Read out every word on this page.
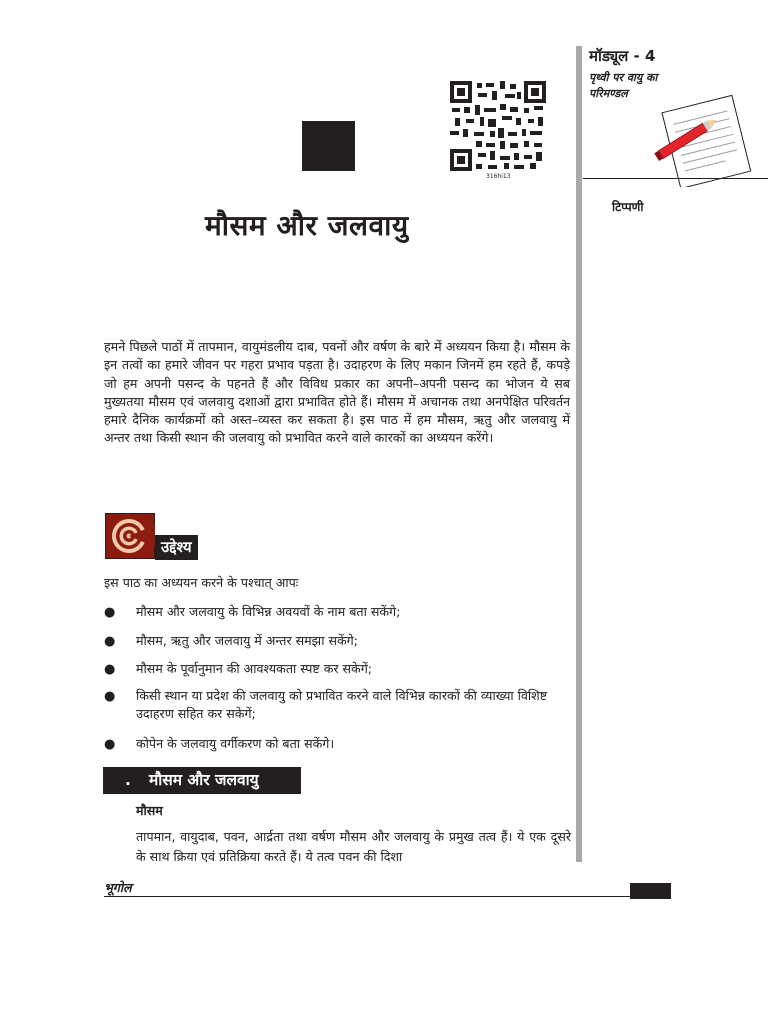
316hi13
मॉड्यूल - 4
पृथ्वी पर वायु का परिमण्डल
टिप्पणी
मौसम और जलवायु
हमने पिछले पाठों में तापमान, वायुमंडलीय दाब, पवनों और वर्षण के बारे में अध्ययन किया है। मौसम के इन तत्वों का हमारे जीवन पर गहरा प्रभाव पड़ता है। उदाहरण के लिए मकान जिनमें हम रहते हैं, कपड़े जो हम अपनी पसन्द के पहनते हैं और विविध प्रकार का अपनी–अपनी पसन्द का भोजन ये सब मुख्यतया मौसम एवं जलवायु दशाओं द्वारा प्रभावित होते हैं। मौसम में अचानक तथा अनपेक्षित परिवर्तन हमारे दैनिक कार्यक्रमों को अस्त–व्यस्त कर सकता है। इस पाठ में हम मौसम, ऋतु और जलवायु में अन्तर तथा किसी स्थान की जलवायु को प्रभावित करने वाले कारकों का अध्ययन करेंगे।
उद्देश्य
इस पाठ का अध्ययन करने के पश्चात् आपः
● मौसम और जलवायु के विभिन्न अवयवों के नाम बता सकेंगे;
● मौसम, ऋतु और जलवायु में अन्तर समझा सकेंगे;
● मौसम के पूर्वानुमान की आवश्यकता स्पष्ट कर सकेगें;
● किसी स्थान या प्रदेश की जलवायु को प्रभावित करने वाले विभिन्न कारकों की व्याख्या विशिष्ट उदाहरण सहित कर सकेगें;
● कोपेन के जलवायु वर्गीकरण को बता सकेंगे।
. मौसम और जलवायु
मौसम
तापमान, वायुदाब, पवन, आर्द्रता तथा वर्षण मौसम और जलवायु के प्रमुख तत्व हैं। ये एक दूसरे के साथ क्रिया एवं प्रतिक्रिया करते हैं। ये तत्व पवन की दिशा
भूगोल
